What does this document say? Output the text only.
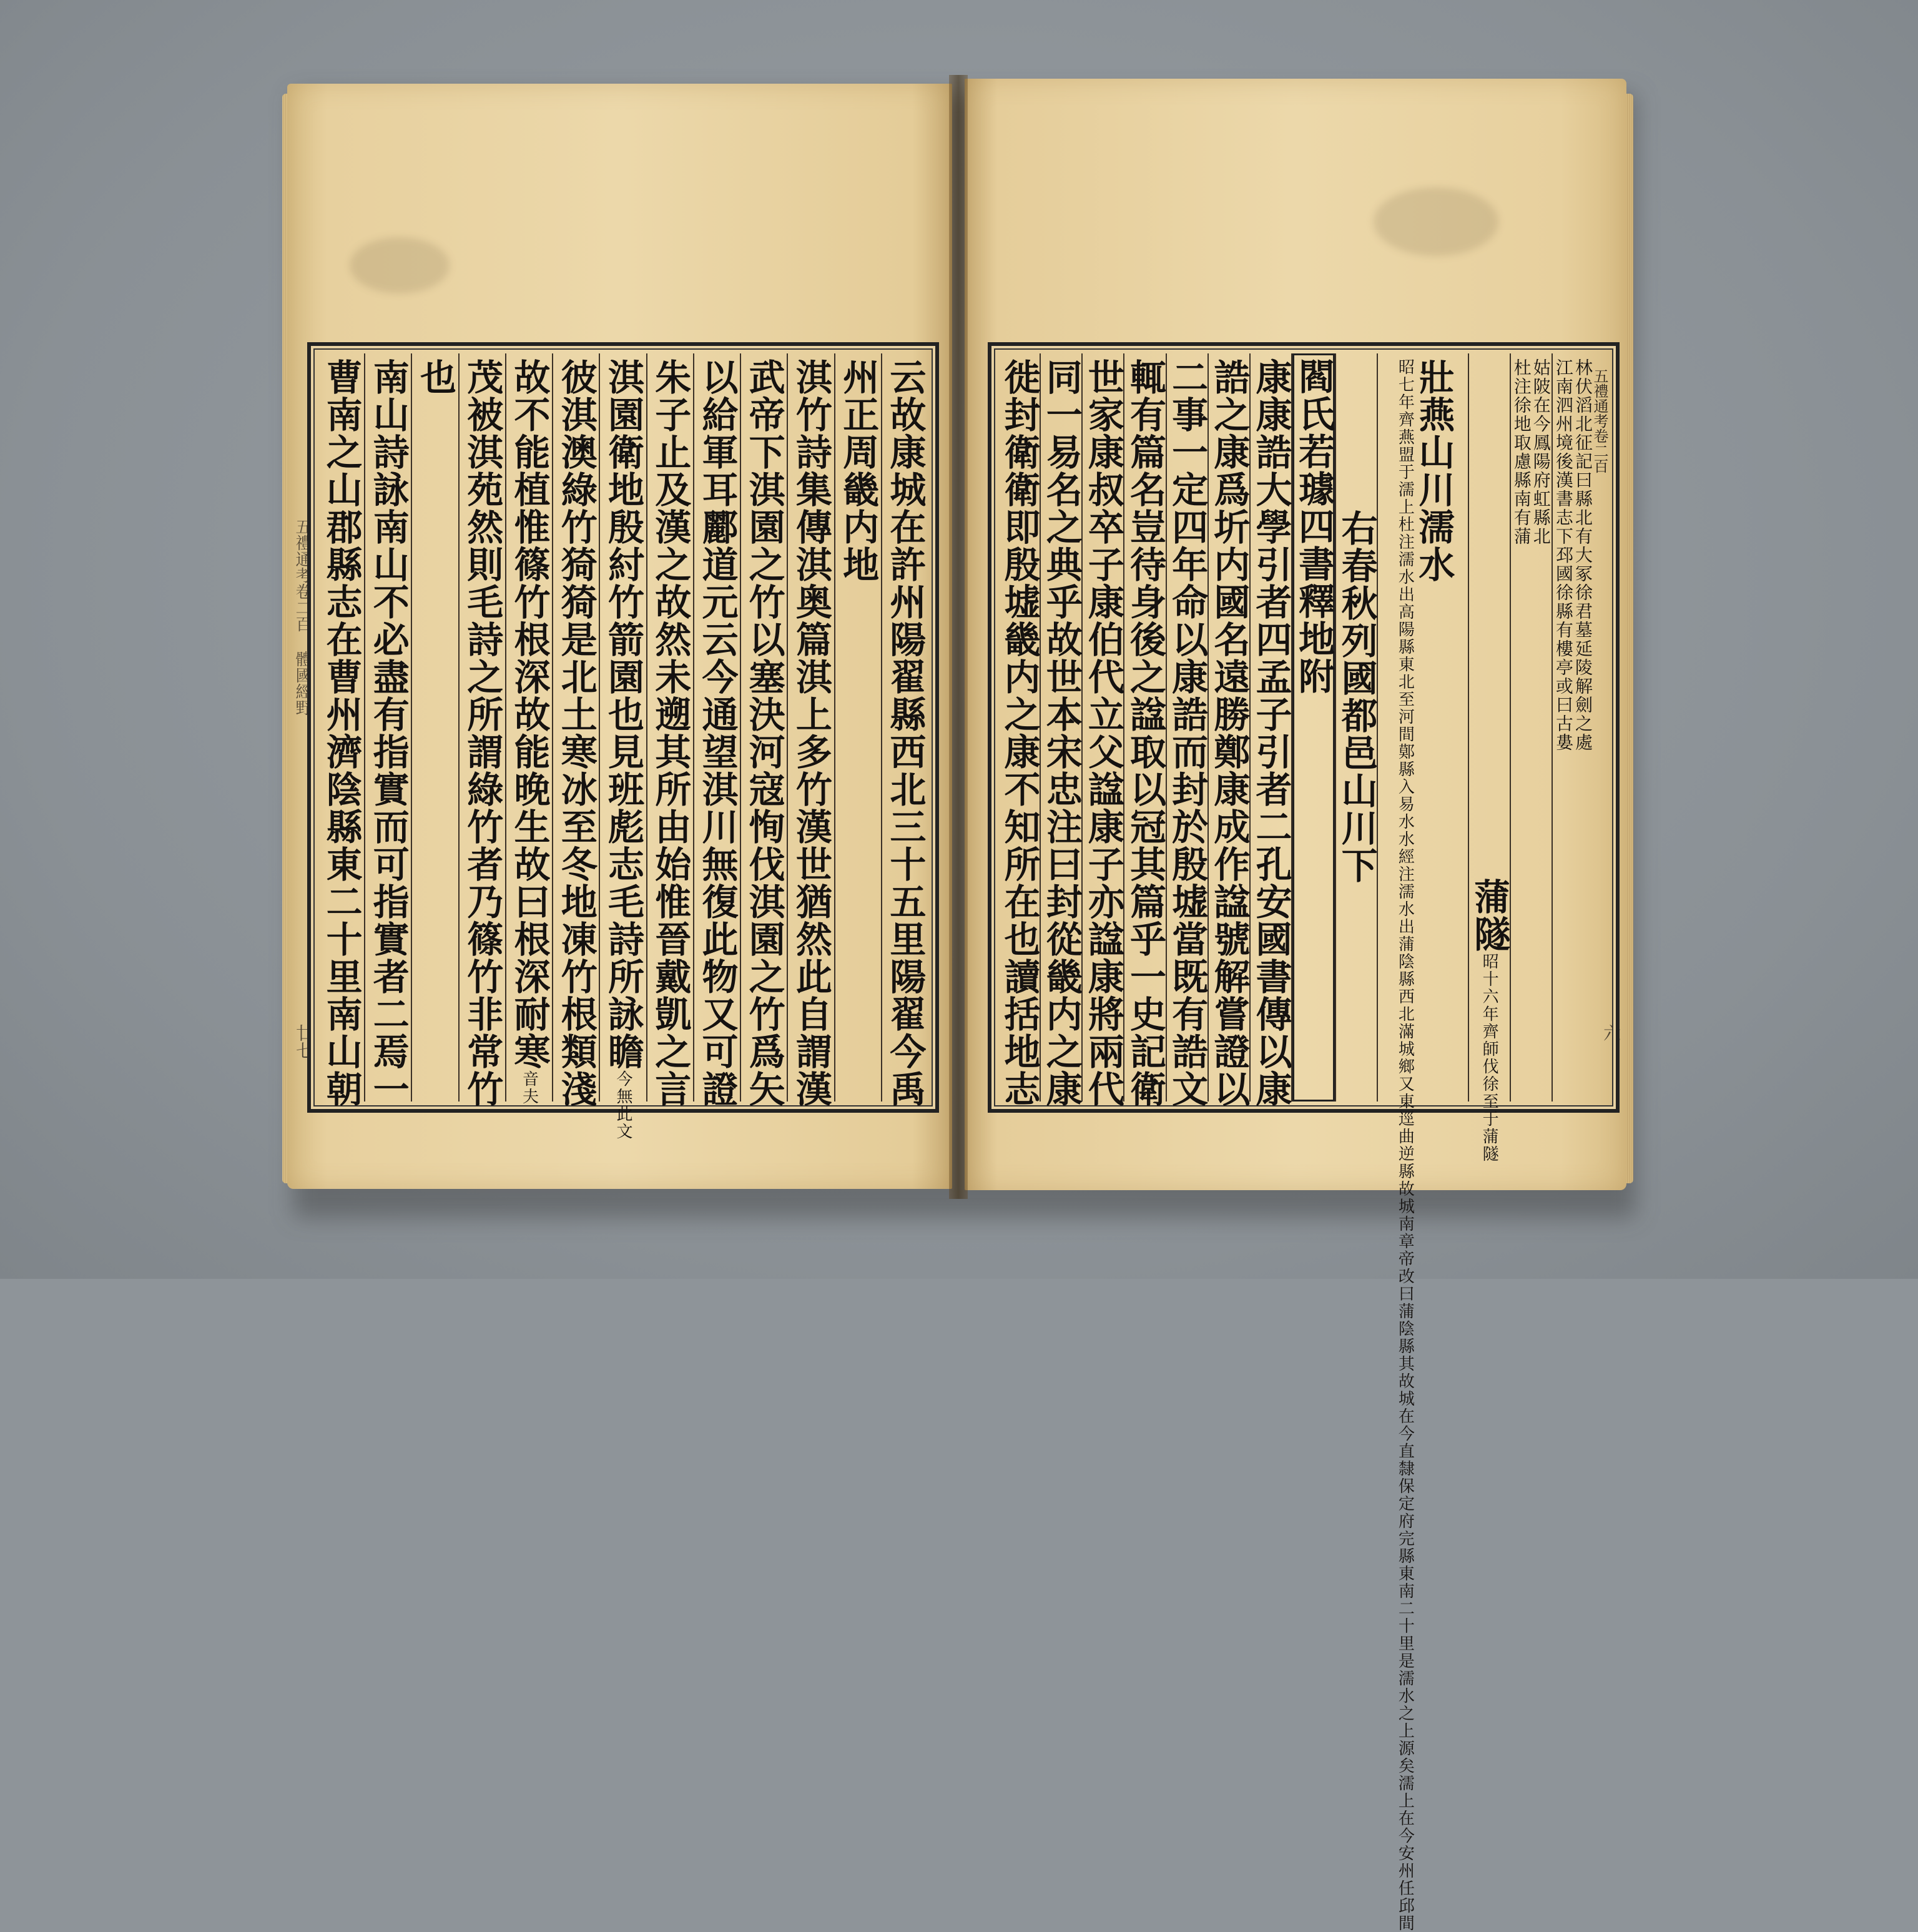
五禮通考卷二百 體國經野
廿七	云故康城在許州陽翟縣西北三十五里陽翟今禹
州正周畿内地
淇竹詩集傳淇奥篇淇上多竹漢世猶然此自謂漢
武帝下淇園之竹以塞決河寇恂伐淇園之竹爲矢
以給軍耳酈道元云今通望淇川無復此物又可證
朱子止及漢之故然未遡其所由始惟晉戴凱之言
淇園衛地殷紂竹箭園也見班彪志毛詩所詠瞻今無此文
彼淇澳綠竹猗猗是北土寒冰至冬地凍竹根類淺
故不能植惟篠竹根深故能晚生故曰根深耐寒音夫
茂被淇苑然則毛詩之所謂綠竹者乃篠竹非常竹
也
南山詩詠南山不必盡有指實而可指實者二焉一
曹南之山郡縣志在曹州濟陰縣東二十里南山朝	五禮通考卷二百
六
江南泗州境後漢書志下邳國徐縣有樓亭或曰古婁
林伏滔北征記曰縣北有大冢徐君墓延陵解劍之處
杜注徐地取慮縣南有蒲
姑陂在今鳳陽府虹縣北
蒲隧昭十六年齊師伐徐至于蒲隧
壯燕山川濡水
昭七年齊燕盟于濡上杜注濡水出高陽縣東北至河間鄚縣入易水水經注濡水出蒲陰縣西北滿城鄉又東逕曲逆縣故城南章帝改曰蒲陰縣其故城在今直隸保定府完縣東南二十里是濡水之上源矣濡上在今安州任邱間
右春秋列國都邑山川下
閻氏若璩四書釋地附
康康誥大學引者四孟子引者二孔安國書傳以康
誥之康爲圻内國名遠勝鄭康成作諡號解嘗證以
二事一定四年命以康誥而封於殷墟當既有誥文
輒有篇名豈待身後之諡取以冠其篇乎一史記衛
世家康叔卒子康伯代立父諡康子亦諡康將兩代
同一易名之典乎故世本宋忠注曰封從畿内之康
徙封衛衛即殷墟畿内之康不知所在也讀括地志
